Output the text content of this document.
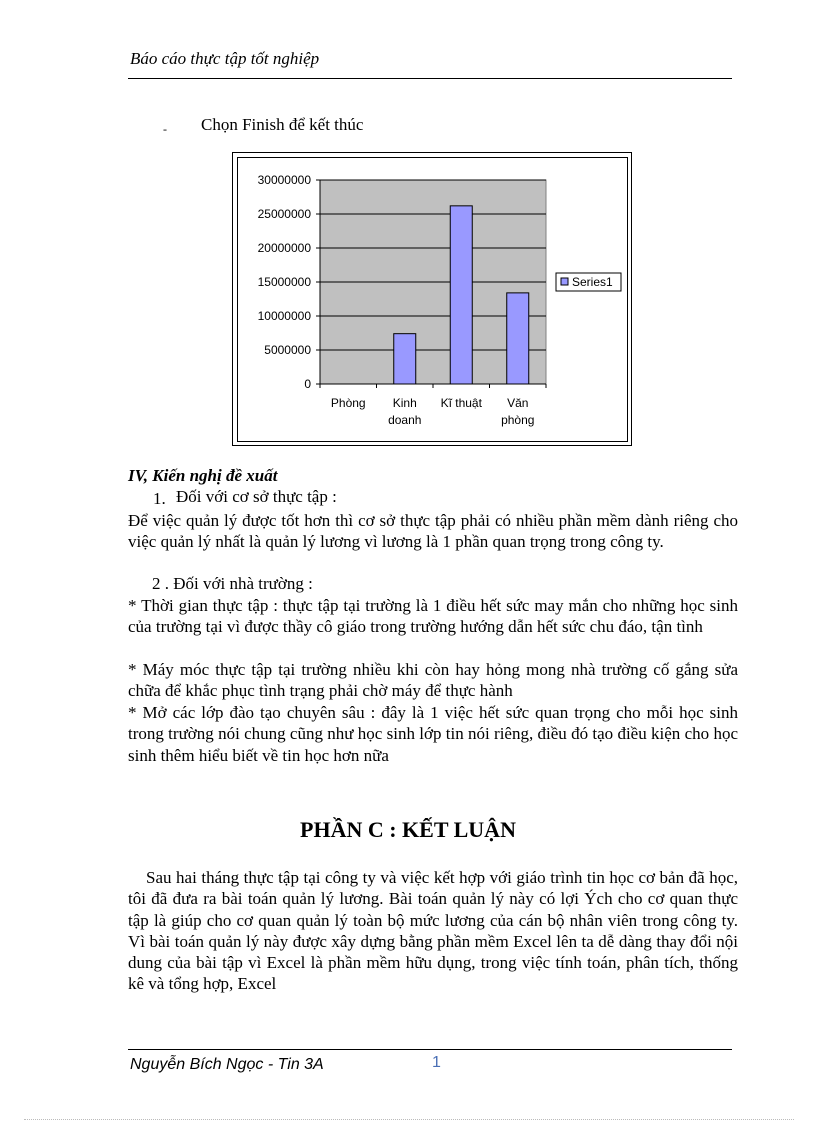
Báo cáo thực tập tốt nghiệp
- Chọn Finish để kết thúc
0
5000000
10000000
15000000
20000000
25000000
30000000
Phòng	Kinh doanh
Kĩ thuật	Văn phòng
Series1
IV, Kiến nghị đề xuất
1. Đối với cơ sở thực tập :
Để việc quản lý được tốt hơn thì cơ sở thực tập phải có nhiều phần mềm dành riêng cho việc quản lý nhất là quản lý lương vì lương là 1 phần quan trọng trong công ty.
2 . Đối với nhà trường :
* Thời gian thực tập : thực tập tại trường là 1 điều hết sức may mắn cho những học sinh của trường tại vì được thầy cô giáo trong trường hướng dẫn hết sức chu đáo, tận tình
* Máy móc thực tập tại trường nhiều khi còn hay hỏng mong nhà trường cố gắng sửa chữa để khắc phục tình trạng phải chờ máy để thực hành
* Mở các lớp đào tạo chuyên sâu : đây là 1 việc hết sức quan trọng cho mỗi học sinh trong trường nói chung cũng như học sinh lớp tin nói riêng, điều đó tạo điều kiện cho học sinh thêm hiểu biết về tin học hơn nữa
PHẦN C : KẾT LUẬN
Sau hai tháng thực tập tại công ty và việc kết hợp với giáo trình tin học cơ bản đã học, tôi đã đưa ra bài toán quản lý lương. Bài toán quản lý này có lợi Ých cho cơ quan thực tập là giúp cho cơ quan quản lý toàn bộ mức lương của cán bộ nhân viên trong công ty. Vì bài toán quản lý này được xây dựng bằng phần mềm Excel lên ta dễ dàng thay đổi nội dung của bài tập vì Excel là phần mềm hữu dụng, trong việc tính toán, phân tích, thống kê và tổng hợp, Excel
Nguyễn Bích Ngọc - Tin 3A	1
